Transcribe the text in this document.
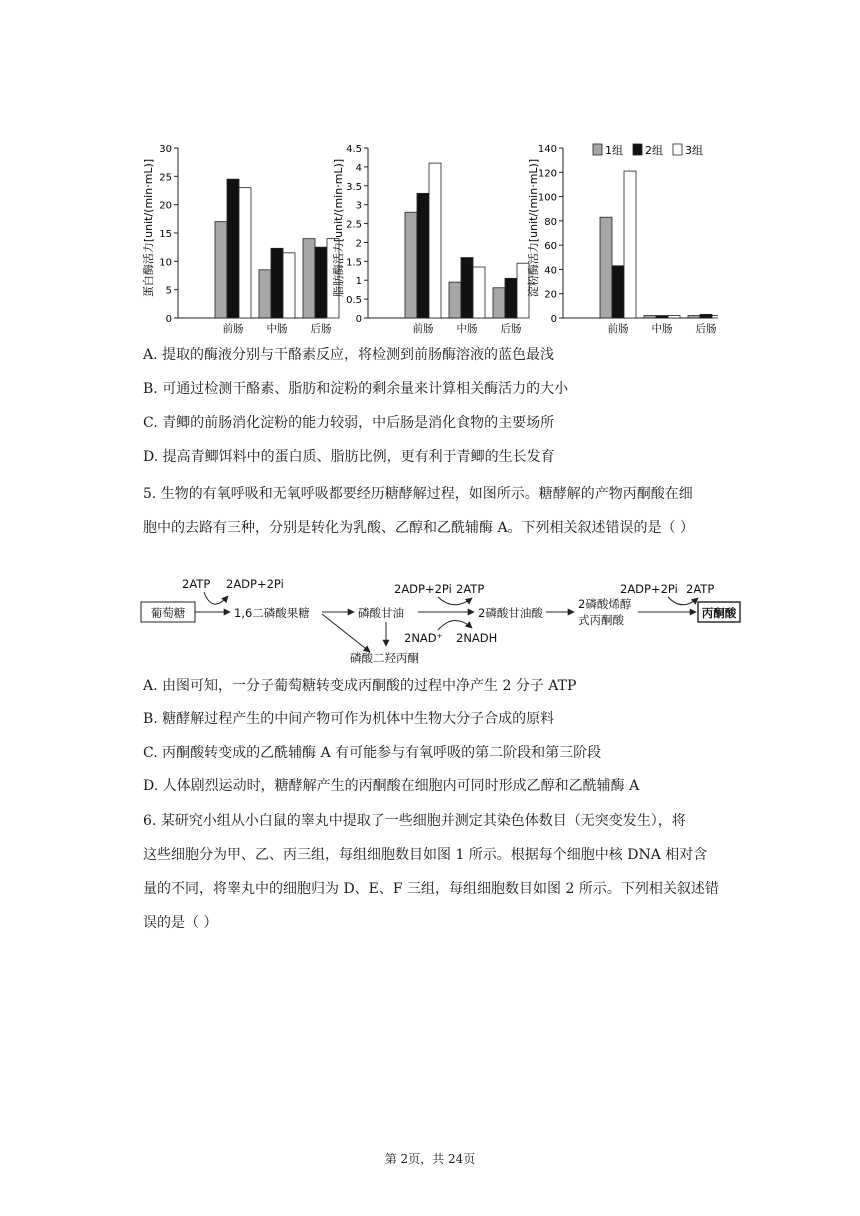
蛋白酶活力[unit/(min·mL)]
0
5
10
15
20
25
30
前肠 中肠 后肠
脂肪酶活力[unit/(min·mL)]
0
0.5
1
1.5
2
2.5
3
3.5
4
4.5
前肠 中肠 后肠
淀粉酶活力[unit/(min·mL)]
0
20
40
60
80
100
120
140
前肠 中肠 后肠
1组 2组 3组
A. 提取的酶液分别与干酪素反应，将检测到前肠酶溶液的蓝色最浅
B. 可通过检测干酪素、脂肪和淀粉的剩余量来计算相关酶活力的大小
C. 青鲫的前肠消化淀粉的能力较弱，中后肠是消化食物的主要场所
D. 提高青鲫饵料中的蛋白质、脂肪比例，更有利于青鲫的生长发育
5. 生物的有氧呼吸和无氧呼吸都要经历糖酵解过程，如图所示。糖酵解的产物丙酮酸在细
胞中的去路有三种，分别是转化为乳酸、乙醇和乙酰辅酶 A。下列相关叙述错误的是（ ）
葡萄糖
2ATP 2ADP+2Pi
1,6二磷酸果糖	磷酸甘油
磷酸二羟丙酮
2ADP+2Pi 2ATP
2NAD⁺ 2NADH
2磷酸甘油酸
2磷酸烯醇
式丙酮酸
2ADP+2Pi 2ATP
丙酮酸
A. 由图可知，一分子葡萄糖转变成丙酮酸的过程中净产生 2 分子 ATP
B. 糖酵解过程产生的中间产物可作为机体中生物大分子合成的原料
C. 丙酮酸转变成的乙酰辅酶 A 有可能参与有氧呼吸的第二阶段和第三阶段
D. 人体剧烈运动时，糖酵解产生的丙酮酸在细胞内可同时形成乙醇和乙酰辅酶 A
6. 某研究小组从小白鼠的睾丸中提取了一些细胞并测定其染色体数目（无突变发生），将
这些细胞分为甲、乙、丙三组，每组细胞数目如图 1 所示。根据每个细胞中核 DNA 相对含
量的不同，将睾丸中的细胞归为 D、E、F 三组，每组细胞数目如图 2 所示。下列相关叙述错
误的是（ ）
第 2页，共 24页
